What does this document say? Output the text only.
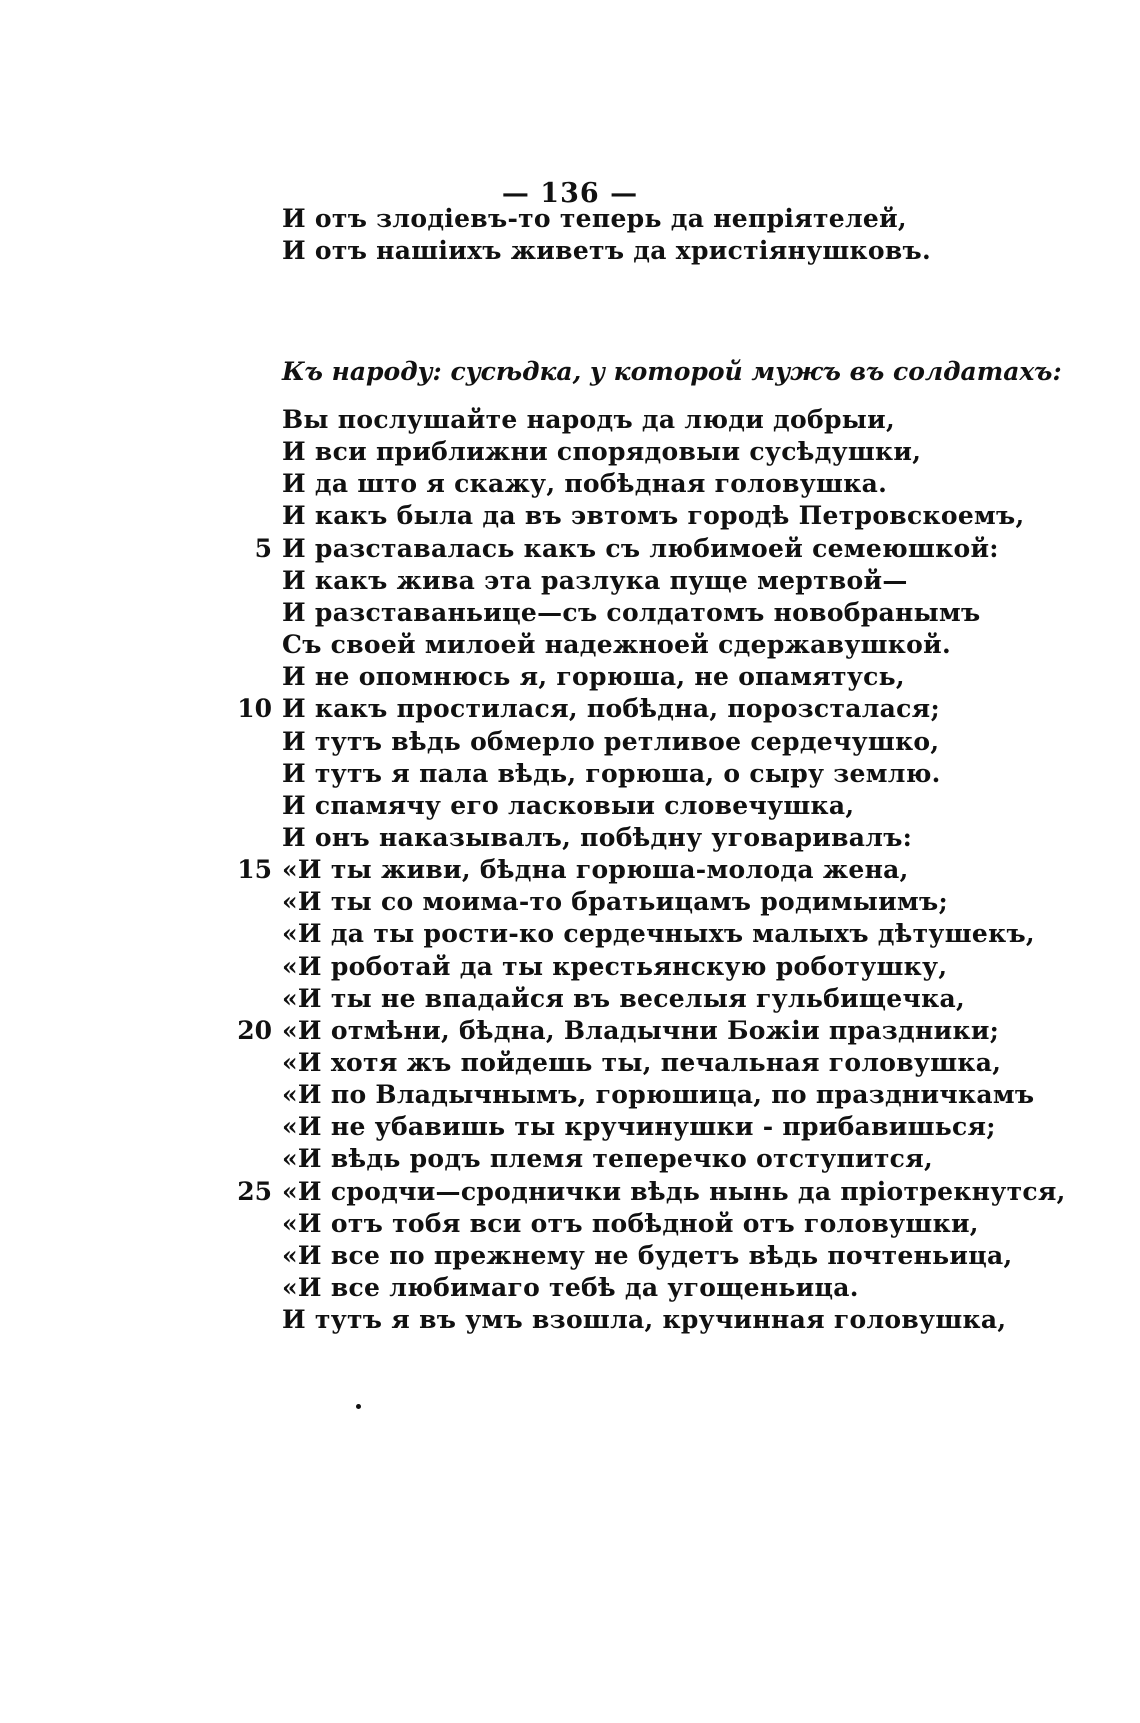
— 136 —
И отъ злодіевъ-то теперь да непріятелей,
И отъ нашіихъ живетъ да христіянушковъ.
Къ народу: сусѣдка, у которой мужъ въ солдатахъ:
Вы послушайте народъ да люди добрыи,
И вси приближни спорядовыи сусѣдушки,
И да што я скажу, побѣдная головушка.
И какъ была да въ эвтомъ городѣ Петровскоемъ,
5 И разставалась какъ съ любимоей семеюшкой:
И какъ жива эта разлука пуще мертвой—
И разставаньице—съ солдатомъ новобранымъ
Съ своей милоей надежноей сдержавушкой.
И не опомнюсь я, горюша, не опамятусь,
10 И какъ простилася, побѣдна, порозсталася;
И тутъ вѣдь обмерло ретливое сердечушко,
И тутъ я пала вѣдь, горюша, о сыру землю.
И спамячу его ласковыи словечушка,
И онъ наказывалъ, побѣдну уговаривалъ:
15 «И ты живи, бѣдна горюша-молода жена,
«И ты со моима-то братьицамъ родимыимъ;
«И да ты рости-ко сердечныхъ малыхъ дѣтушекъ,
«И роботай да ты крестьянскую роботушку,
«И ты не впадайся въ веселыя гульбищечка,
20 «И отмѣни, бѣдна, Владычни Божіи праздники;
«И хотя жъ пойдешь ты, печальная головушка,
«И по Владычнымъ, горюшица, по праздничкамъ
«И не убавишь ты кручинушки - прибавишься;
«И вѣдь родъ племя теперечко отступится,
25 «И сродчи—сроднички вѣдь нынь да пріотрекнутся,
«И отъ тобя вси отъ побѣдной отъ головушки,
«И все по прежнему не будетъ вѣдь почтеньица,
«И все любимаго тебѣ да угощеньица.
И тутъ я въ умъ взошла, кручинная головушка,
